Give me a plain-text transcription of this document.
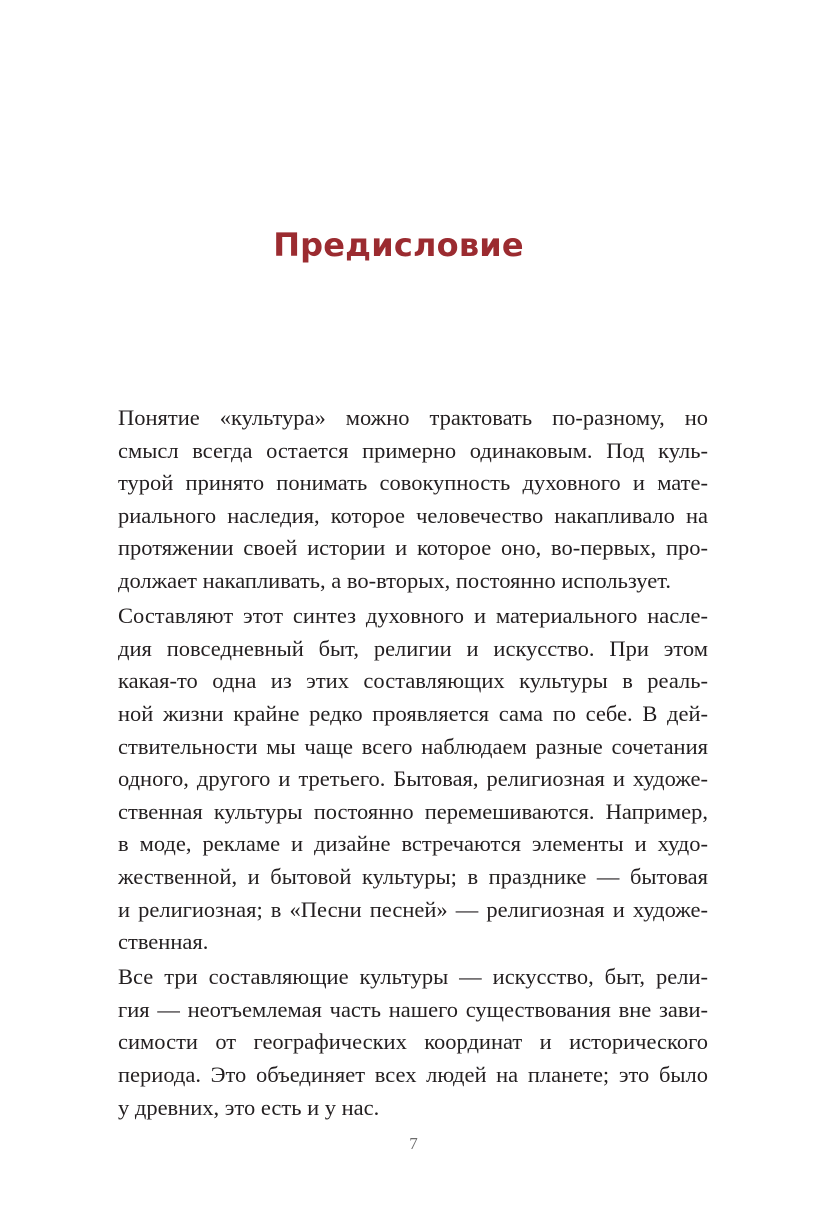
Предисловие

Понятие «культура» можно трактовать по-разному, но
смысл всегда остается примерно одинаковым. Под куль-
турой принято понимать совокупность духовного и мате-
риального наследия, которое человечество накапливало на
протяжении своей истории и которое оно, во-первых, про-
должает накапливать, а во-вторых, постоянно использует.

Составляют этот синтез духовного и материального насле-
дия повседневный быт, религии и искусство. При этом
какая-то одна из этих составляющих культуры в реаль-
ной жизни крайне редко проявляется сама по себе. В дей-
ствительности мы чаще всего наблюдаем разные сочетания
одного, другого и третьего. Бытовая, религиозная и художе-
ственная культуры постоянно перемешиваются. Например,
в моде, рекламе и дизайне встречаются элементы и худо-
жественной, и бытовой культуры; в празднике — бытовая
и религиозная; в «Песни песней» — религиозная и художе-
ственная.

Все три составляющие культуры — искусство, быт, рели-
гия — неотъемлемая часть нашего существования вне зави-
симости от географических координат и исторического
периода. Это объединяет всех людей на планете; это было
у древних, это есть и у нас.

7
